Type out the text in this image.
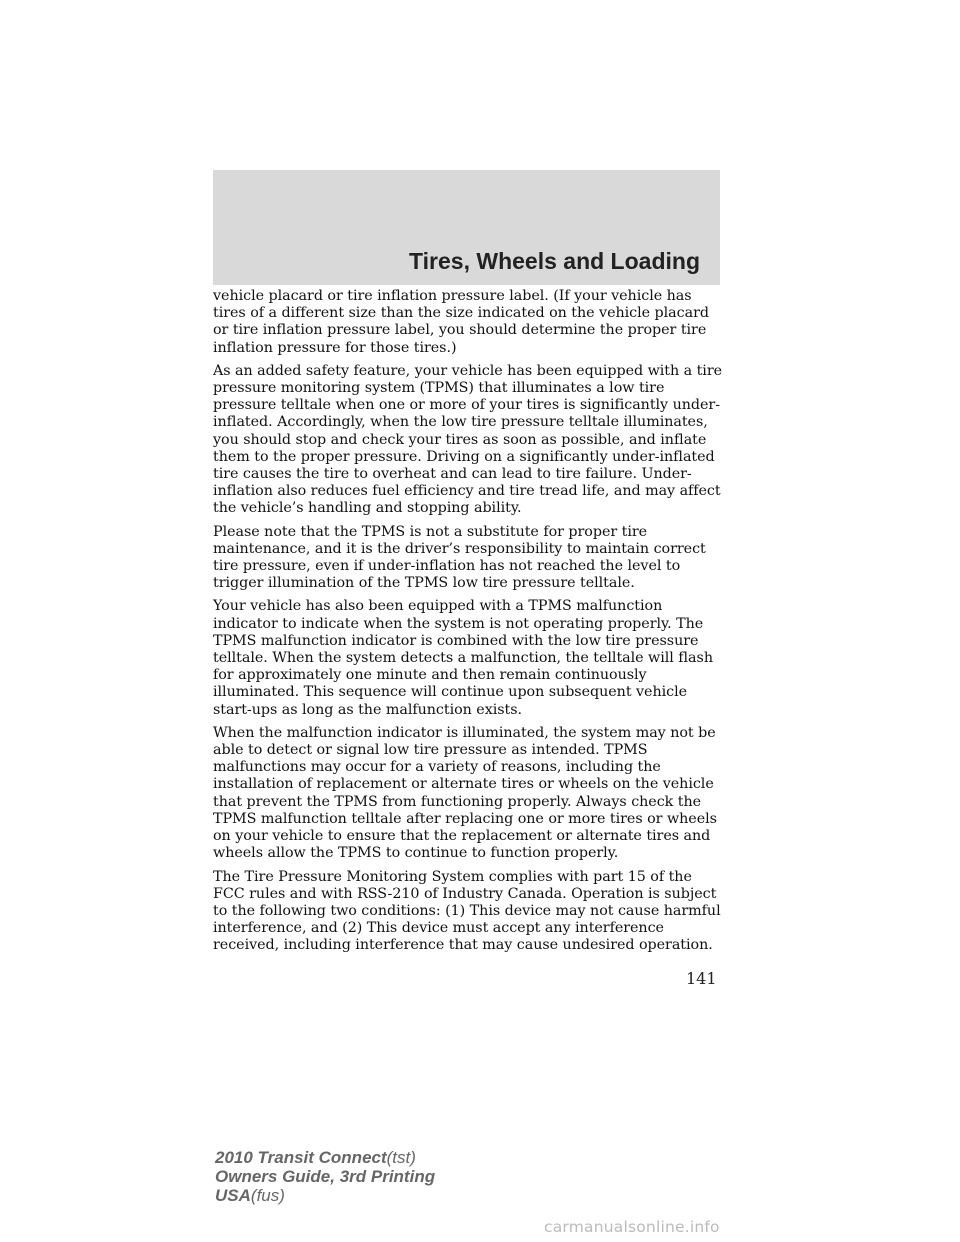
Tires, Wheels and Loading

vehicle placard or tire inflation pressure label. (If your vehicle has tires of a different size than the size indicated on the vehicle placard or tire inflation pressure label, you should determine the proper tire inflation pressure for those tires.)

As an added safety feature, your vehicle has been equipped with a tire pressure monitoring system (TPMS) that illuminates a low tire pressure telltale when one or more of your tires is significantly under-inflated. Accordingly, when the low tire pressure telltale illuminates, you should stop and check your tires as soon as possible, and inflate them to the proper pressure. Driving on a significantly under-inflated tire causes the tire to overheat and can lead to tire failure. Under-inflation also reduces fuel efficiency and tire tread life, and may affect the vehicle’s handling and stopping ability.

Please note that the TPMS is not a substitute for proper tire maintenance, and it is the driver’s responsibility to maintain correct tire pressure, even if under-inflation has not reached the level to trigger illumination of the TPMS low tire pressure telltale.

Your vehicle has also been equipped with a TPMS malfunction indicator to indicate when the system is not operating properly. The TPMS malfunction indicator is combined with the low tire pressure telltale. When the system detects a malfunction, the telltale will flash for approximately one minute and then remain continuously illuminated. This sequence will continue upon subsequent vehicle start-ups as long as the malfunction exists.

When the malfunction indicator is illuminated, the system may not be able to detect or signal low tire pressure as intended. TPMS malfunctions may occur for a variety of reasons, including the installation of replacement or alternate tires or wheels on the vehicle that prevent the TPMS from functioning properly. Always check the TPMS malfunction telltale after replacing one or more tires or wheels on your vehicle to ensure that the replacement or alternate tires and wheels allow the TPMS to continue to function properly.

The Tire Pressure Monitoring System complies with part 15 of the FCC rules and with RSS-210 of Industry Canada. Operation is subject to the following two conditions: (1) This device may not cause harmful interference, and (2) This device must accept any interference received, including interference that may cause undesired operation.

141
2010 Transit Connect(tst)
Owners Guide, 3rd Printing
USA(fus)
carmanualsonline.info
